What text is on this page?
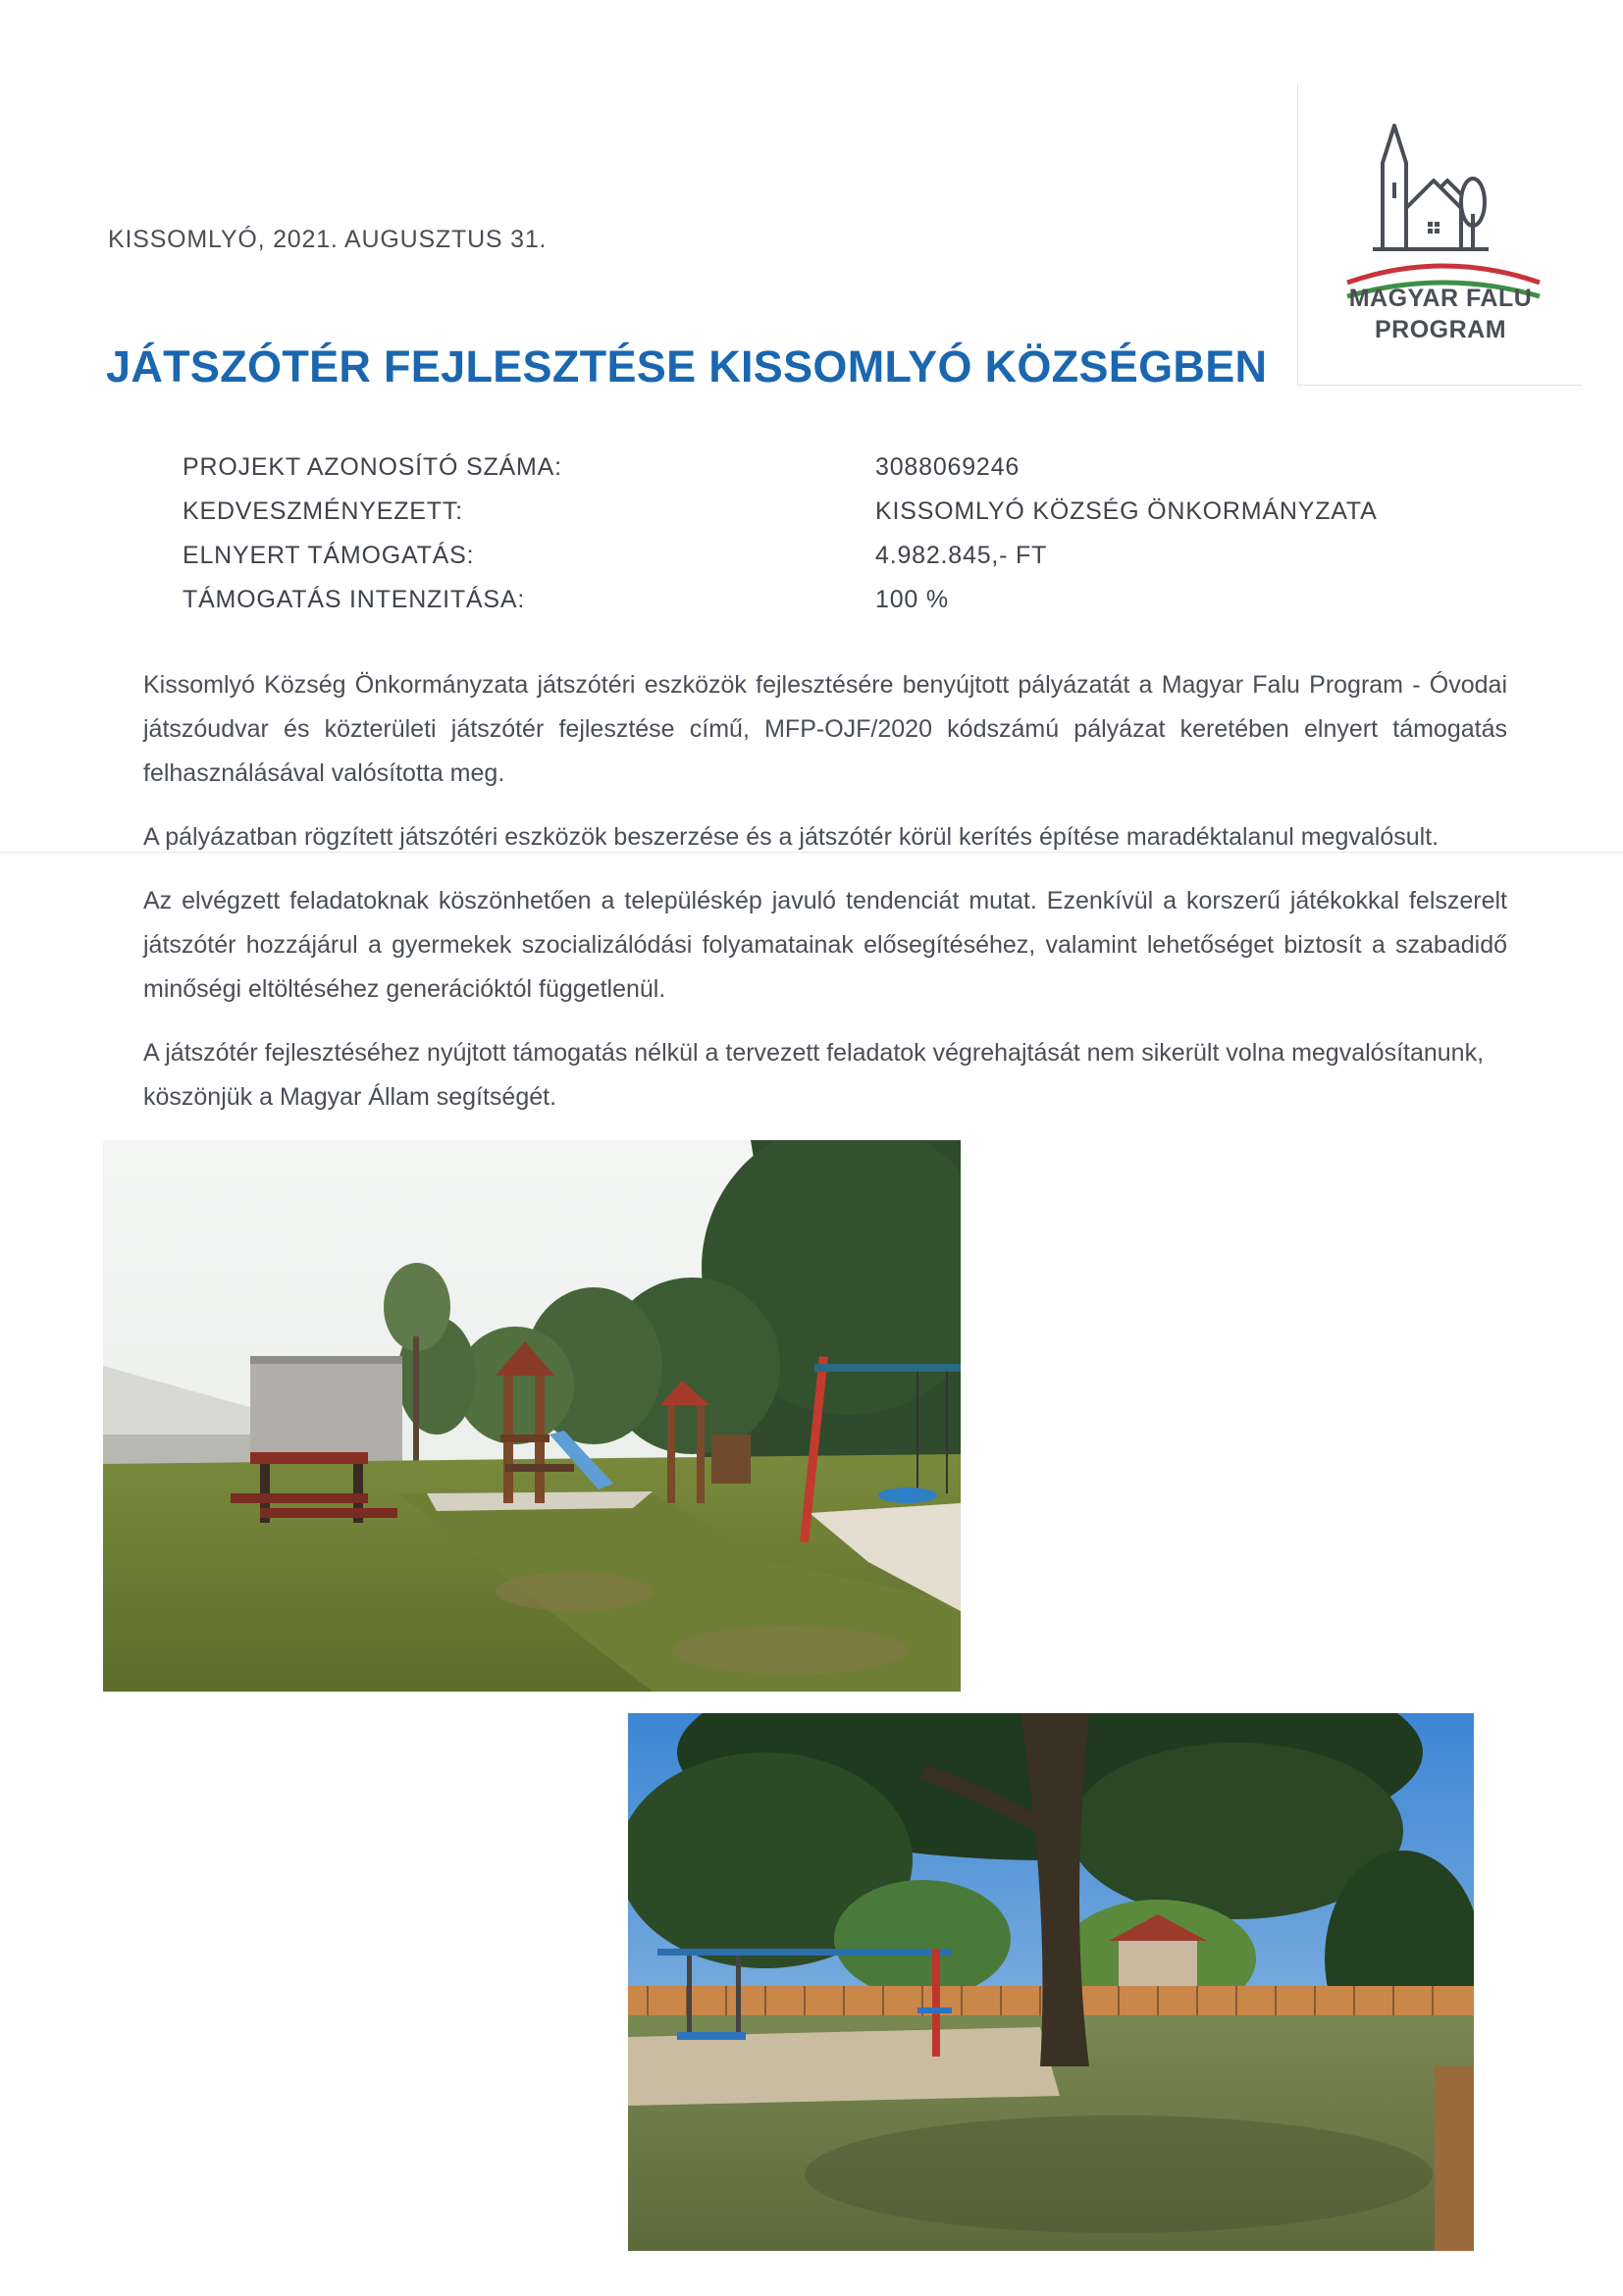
MAGYAR FALU
PROGRAM
KISSOMLYÓ, 2021. AUGUSZTUS 31.
JÁTSZÓTÉR FEJLESZTÉSE KISSOMLYÓ KÖZSÉGBEN
PROJEKT AZONOSÍTÓ SZÁMA:	3088069246
KEDVESZMÉNYEZETT:	KISSOMLYÓ KÖZSÉG ÖNKORMÁNYZATA
ELNYERT TÁMOGATÁS:	4.982.845,- FT
TÁMOGATÁS INTENZITÁSA:	100 %

Kissomlyó Község Önkormányzata játszótéri eszközök fejlesztésére benyújtott pályázatát a Magyar Falu Program - Óvodai játszóudvar és közterületi játszótér fejlesztése című, MFP-OJF/2020 kódszámú pályázat keretében elnyert támogatás felhasználásával valósította meg.

A pályázatban rögzített játszótéri eszközök beszerzése és a játszótér körül kerítés építése maradéktalanul megvalósult.

Az elvégzett feladatoknak köszönhetően a településkép javuló tendenciát mutat. Ezenkívül a korszerű játékokkal felszerelt játszótér hozzájárul a gyermekek szocializálódási folyamatainak elősegítéséhez, valamint lehetőséget biztosít a szabadidő minőségi eltöltéséhez generációktól függetlenül.

A játszótér fejlesztéséhez nyújtott támogatás nélkül a tervezett feladatok végrehajtását nem sikerült volna megvalósítanunk, köszönjük a Magyar Állam segítségét.
